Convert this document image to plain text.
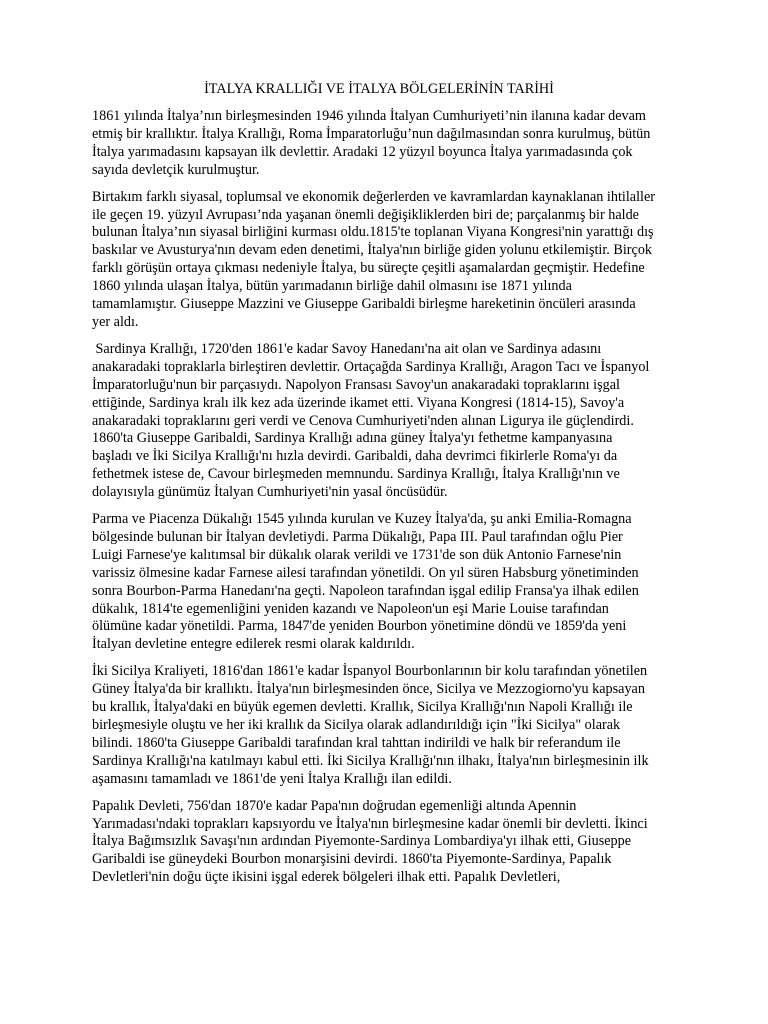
İTALYA KRALLIĞI VE İTALYA BÖLGELERİNİN TARİHİ

1861 yılında İtalya’nın birleşmesinden 1946 yılında İtalyan Cumhuriyeti’nin ilanına kadar devam etmiş bir krallıktır. İtalya Krallığı, Roma İmparatorluğu’nun dağılmasından sonra kurulmuş, bütün İtalya yarımadasını kapsayan ilk devlettir. Aradaki 12 yüzyıl boyunca İtalya yarımadasında çok sayıda devletçik kurulmuştur.

Birtakım farklı siyasal, toplumsal ve ekonomik değerlerden ve kavramlardan kaynaklanan ihtilaller ile geçen 19. yüzyıl Avrupası’nda yaşanan önemli değişikliklerden biri de; parçalanmış bir halde bulunan İtalya’nın siyasal birliğini kurması oldu.1815'te toplanan Viyana Kongresi'nin yarattığı dış baskılar ve Avusturya'nın devam eden denetimi, İtalya'nın birliğe giden yolunu etkilemiştir. Birçok farklı görüşün ortaya çıkması nedeniyle İtalya, bu süreçte çeşitli aşamalardan geçmiştir. Hedefine 1860 yılında ulaşan İtalya, bütün yarımadanın birliğe dahil olmasını ise 1871 yılında tamamlamıştır. Giuseppe Mazzini ve Giuseppe Garibaldi birleşme hareketinin öncüleri arasında yer aldı.

Sardinya Krallığı, 1720'den 1861'e kadar Savoy Hanedanı'na ait olan ve Sardinya adasını anakaradaki topraklarla birleştiren devlettir. Ortaçağda Sardinya Krallığı, Aragon Tacı ve İspanyol İmparatorluğu'nun bir parçasıydı. Napolyon Fransası Savoy'un anakaradaki topraklarını işgal ettiğinde, Sardinya kralı ilk kez ada üzerinde ikamet etti. Viyana Kongresi (1814-15), Savoy'a anakaradaki topraklarını geri verdi ve Cenova Cumhuriyeti'nden alınan Ligurya ile güçlendirdi. 1860'ta Giuseppe Garibaldi, Sardinya Krallığı adına güney İtalya'yı fethetme kampanyasına başladı ve İki Sicilya Krallığı'nı hızla devirdi. Garibaldi, daha devrimci fikirlerle Roma'yı da fethetmek istese de, Cavour birleşmeden memnundu. Sardinya Krallığı, İtalya Krallığı'nın ve dolayısıyla günümüz İtalyan Cumhuriyeti'nin yasal öncüsüdür.

Parma ve Piacenza Dükalığı 1545 yılında kurulan ve Kuzey İtalya'da, şu anki Emilia-Romagna bölgesinde bulunan bir İtalyan devletiydi. Parma Dükalığı, Papa III. Paul tarafından oğlu Pier Luigi Farnese'ye kalıtımsal bir dükalık olarak verildi ve 1731'de son dük Antonio Farnese'nin varissiz ölmesine kadar Farnese ailesi tarafından yönetildi. On yıl süren Habsburg yönetiminden sonra Bourbon-Parma Hanedanı'na geçti. Napoleon tarafından işgal edilip Fransa'ya ilhak edilen dükalık, 1814'te egemenliğini yeniden kazandı ve Napoleon'un eşi Marie Louise tarafından ölümüne kadar yönetildi. Parma, 1847'de yeniden Bourbon yönetimine döndü ve 1859'da yeni İtalyan devletine entegre edilerek resmi olarak kaldırıldı.

İki Sicilya Kraliyeti, 1816'dan 1861'e kadar İspanyol Bourbonlarının bir kolu tarafından yönetilen Güney İtalya'da bir krallıktı. İtalya'nın birleşmesinden önce, Sicilya ve Mezzogiorno'yu kapsayan bu krallık, İtalya'daki en büyük egemen devletti. Krallık, Sicilya Krallığı'nın Napoli Krallığı ile birleşmesiyle oluştu ve her iki krallık da Sicilya olarak adlandırıldığı için "İki Sicilya" olarak bilindi. 1860'ta Giuseppe Garibaldi tarafından kral tahttan indirildi ve halk bir referandum ile Sardinya Krallığı'na katılmayı kabul etti. İki Sicilya Krallığı'nın ilhakı, İtalya'nın birleşmesinin ilk aşamasını tamamladı ve 1861'de yeni İtalya Krallığı ilan edildi.

Papalık Devleti, 756'dan 1870'e kadar Papa'nın doğrudan egemenliği altında Apennin Yarımadası'ndaki toprakları kapsıyordu ve İtalya'nın birleşmesine kadar önemli bir devletti. İkinci İtalya Bağımsızlık Savaşı'nın ardından Piyemonte-Sardinya Lombardiya'yı ilhak etti, Giuseppe Garibaldi ise güneydeki Bourbon monarşisini devirdi. 1860'ta Piyemonte-Sardinya, Papalık Devletleri'nin doğu üçte ikisini işgal ederek bölgeleri ilhak etti. Papalık Devletleri,
